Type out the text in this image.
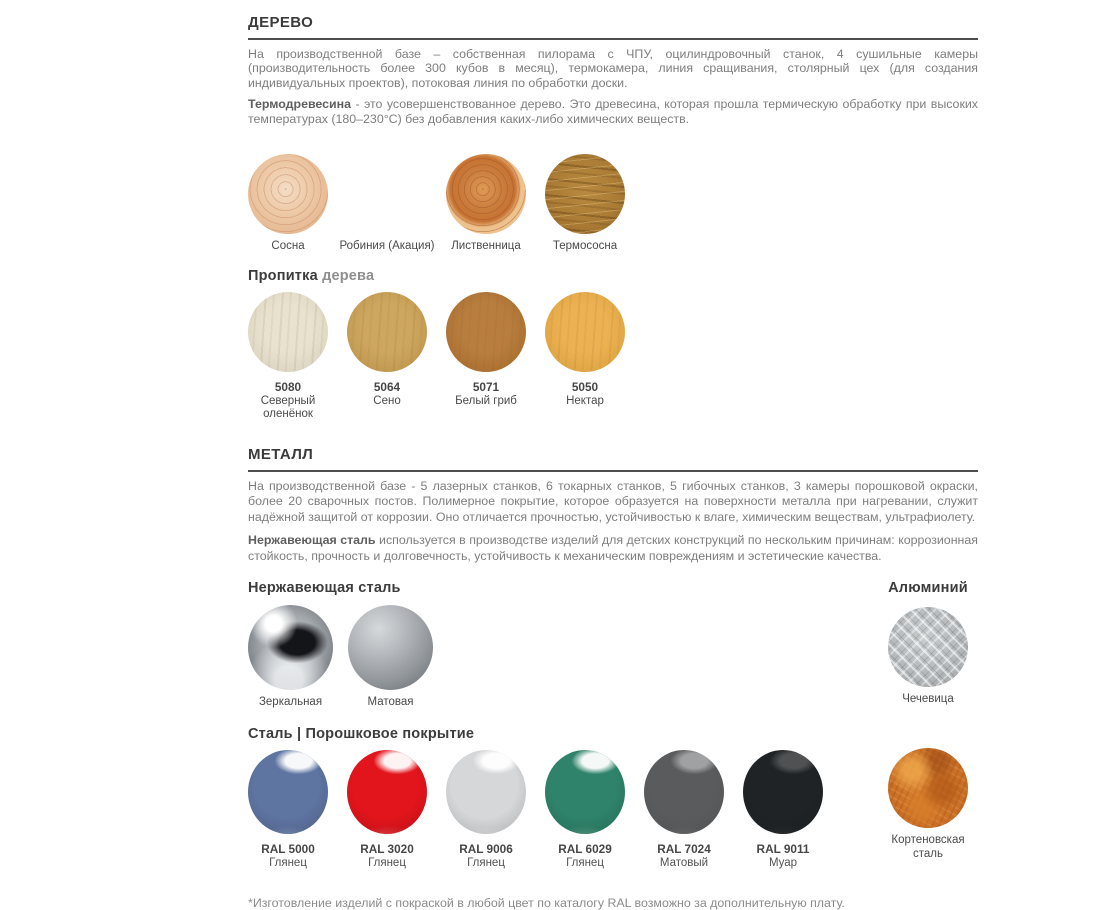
ДЕРЕВО

На производственной базе – собственная пилорама с ЧПУ, оцилиндровочный станок, 4 сушильные камеры (производительность более 300 кубов в месяц), термокамера, линия сращивания, столярный цех (для создания индивидуальных проектов), потоковая линия по обработки доски.

Термодревесина - это усовершенствованное дерево. Это древесина, которая прошла термическую обработку при высоких температурах (180–230°С) без добавления каких-либо химических веществ.

Сосна	Робиния (Акация) Лиственница	Термососна
Пропитка дерева
5080
Северный оленёнок
5064
Сено
5071
Белый гриб
5050
Нектар
МЕТАЛЛ

На производственной базе - 5 лазерных станков, 6 токарных станков, 5 гибочных станков, 3 камеры порошковой окраски, более 20 сварочных постов. Полимерное покрытие, которое образуется на поверхности металла при нагревании, служит надёжной защитой от коррозии. Оно отличается прочностью, устойчивостью к влаге, химическим веществам, ультрафиолету.

Нержавеющая сталь используется в производстве изделий для детских конструкций по нескольким причинам: коррозионная стойкость, прочность и долговечность, устойчивость к механическим повреждениям и эстетические качества.

Нержавеющая сталь
Зеркальная	Матовая
Алюминий
Чечевица
Сталь | Порошковое покрытие
RAL 5000
Глянец
RAL 3020
Глянец
RAL 9006
Глянец
RAL 6029
Глянец
RAL 7024
Матовый
RAL 9011
Муар
Кортеновская
сталь

*Изготовление изделий с покраской в любой цвет по каталогу RAL возможно за дополнительную плату.
